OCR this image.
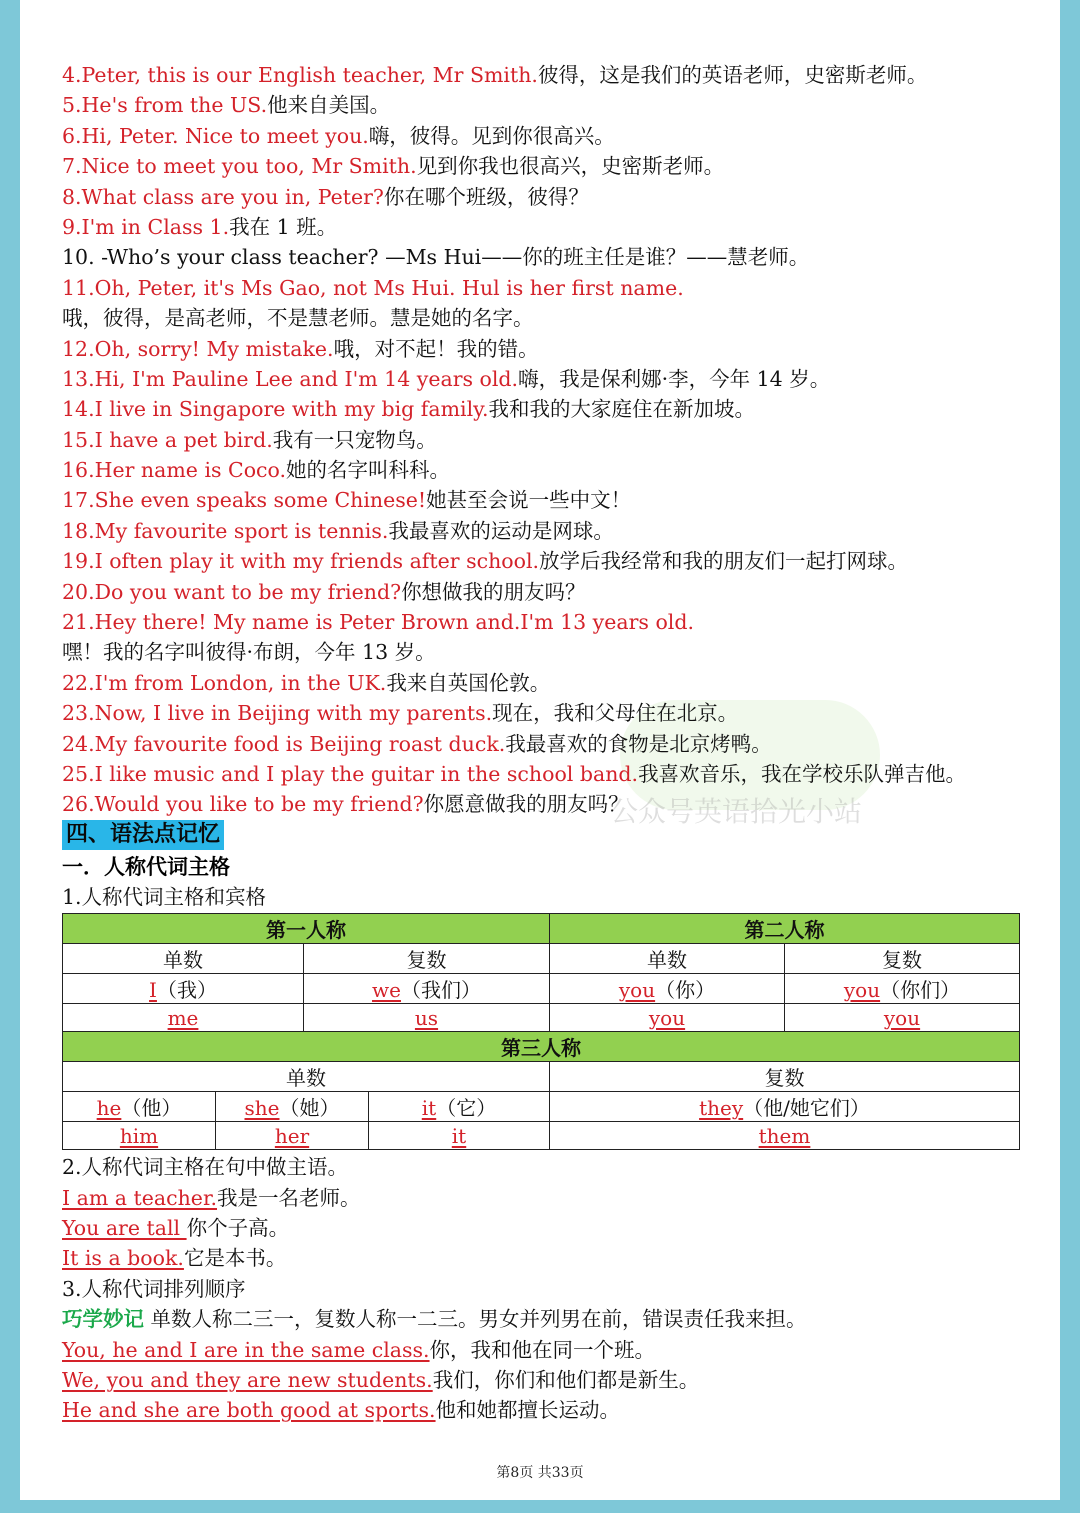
公众号英语拾光小站
4.Peter, this is our English teacher, Mr Smith.彼得，这是我们的英语老师，史密斯老师。
5.He's from the US.他来自美国。
6.Hi, Peter. Nice to meet you.嗨，彼得。见到你很高兴。
7.Nice to meet you too, Mr Smith.见到你我也很高兴，史密斯老师。
8.What class are you in, Peter?你在哪个班级，彼得？
9.I'm in Class 1.我在 1 班。
10. -Who’s your class teacher? —Ms Hui——你的班主任是谁？——慧老师。
11.Oh, Peter, it's Ms Gao, not Ms Hui. Hul is her first name.
哦，彼得，是高老师，不是慧老师。慧是她的名字。
12.Oh, sorry! My mistake.哦，对不起！我的错。
13.Hi, I'm Pauline Lee and I'm 14 years old.嗨，我是保利娜·李，今年 14 岁。
14.I live in Singapore with my big family.我和我的大家庭住在新加坡。
15.I have a pet bird.我有一只宠物鸟。
16.Her name is Coco.她的名字叫科科。
17.She even speaks some Chinese!她甚至会说一些中文！
18.My favourite sport is tennis.我最喜欢的运动是网球。
19.I often play it with my friends after school.放学后我经常和我的朋友们一起打网球。
20.Do you want to be my friend?你想做我的朋友吗？
21.Hey there! My name is Peter Brown and.I'm 13 years old.
嘿！我的名字叫彼得·布朗，今年 13 岁。
22.I'm from London, in the UK.我来自英国伦敦。
23.Now, I live in Beijing with my parents.现在，我和父母住在北京。
24.My favourite food is Beijing roast duck.我最喜欢的食物是北京烤鸭。
25.I like music and I play the guitar in the school band.我喜欢音乐，我在学校乐队弹吉他。
26.Would you like to be my friend?你愿意做我的朋友吗？
四、语法点记忆
一．人称代词主格
1.人称代词主格和宾格
第一人称				第二人称	
单数		复数		单数	复数
I（我）		we（我们）		you（你）	you（你们）
me		us		you	you
第三人称					
单数				复数	
he（他）	she（她）		it（它）	they（他/她它们）	
him	her		it	them	
2.人称代词主格在句中做主语。
I am a teacher.我是一名老师。
You are tall 你个子高。
It is a book.它是本书。
3.人称代词排列顺序
巧学妙记 单数人称二三一，复数人称一二三。男女并列男在前，错误责任我来担。
You, he and I are in the same class.你，我和他在同一个班。
We, you and they are new students.我们，你们和他们都是新生。
He and she are both good at sports.他和她都擅长运动。
第8页 共33页
